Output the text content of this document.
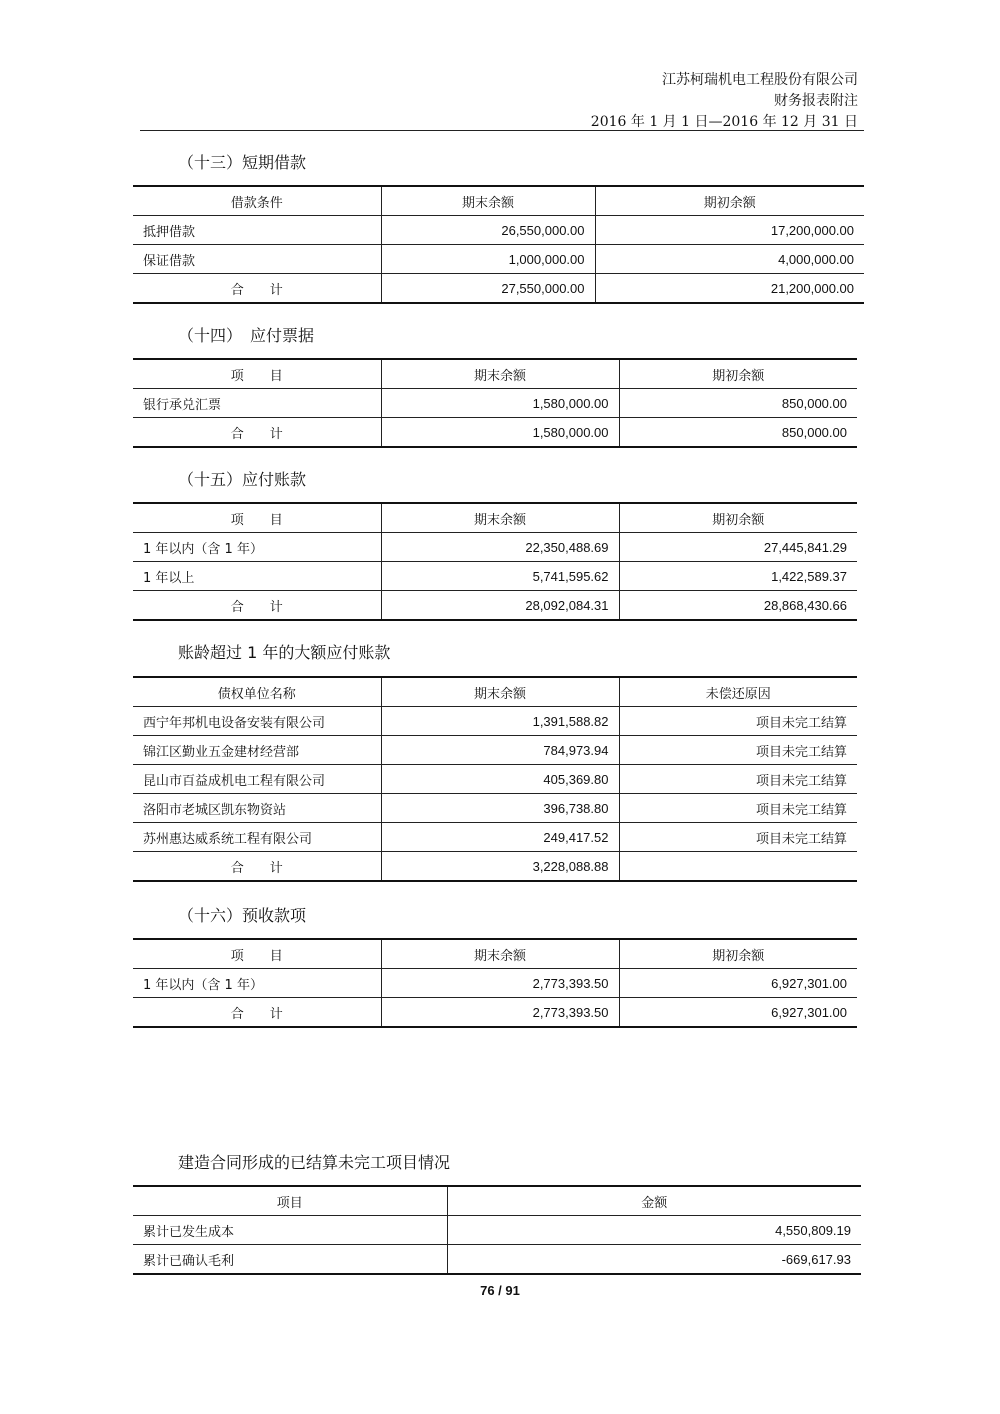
江苏柯瑞机电工程股份有限公司
财务报表附注
2016 年 1 月 1 日—2016 年 12 月 31 日
（十三）短期借款
借款条件	期末余额	期初余额
抵押借款	26,550,000.00	17,200,000.00
保证借款	1,000,000.00	4,000,000.00
合　　计	27,550,000.00	21,200,000.00
（十四）　应付票据
项　　目	期末余额	期初余额
银行承兑汇票	1,580,000.00	850,000.00
合　　计	1,580,000.00	850,000.00
（十五）应付账款
项　　目	期末余额	期初余额
1 年以内（含 1 年）	22,350,488.69	27,445,841.29
1 年以上	5,741,595.62	1,422,589.37
合　　计	28,092,084.31	28,868,430.66
账龄超过 1 年的大额应付账款
债权单位名称	期末余额	未偿还原因
西宁年邦机电设备安装有限公司	1,391,588.82	项目未完工结算
锦江区勤业五金建材经营部	784,973.94	项目未完工结算
昆山市百益成机电工程有限公司	405,369.80	项目未完工结算
洛阳市老城区凯东物资站	396,738.80	项目未完工结算
苏州惠达威系统工程有限公司	249,417.52	项目未完工结算
合　　计	3,228,088.88	
（十六）预收款项
项　　目	期末余额	期初余额
1 年以内（含 1 年）	2,773,393.50	6,927,301.00
合　　计	2,773,393.50	6,927,301.00
建造合同形成的已结算未完工项目情况
项目	金额
累计已发生成本	4,550,809.19
累计已确认毛利	-669,617.93
76 / 91
